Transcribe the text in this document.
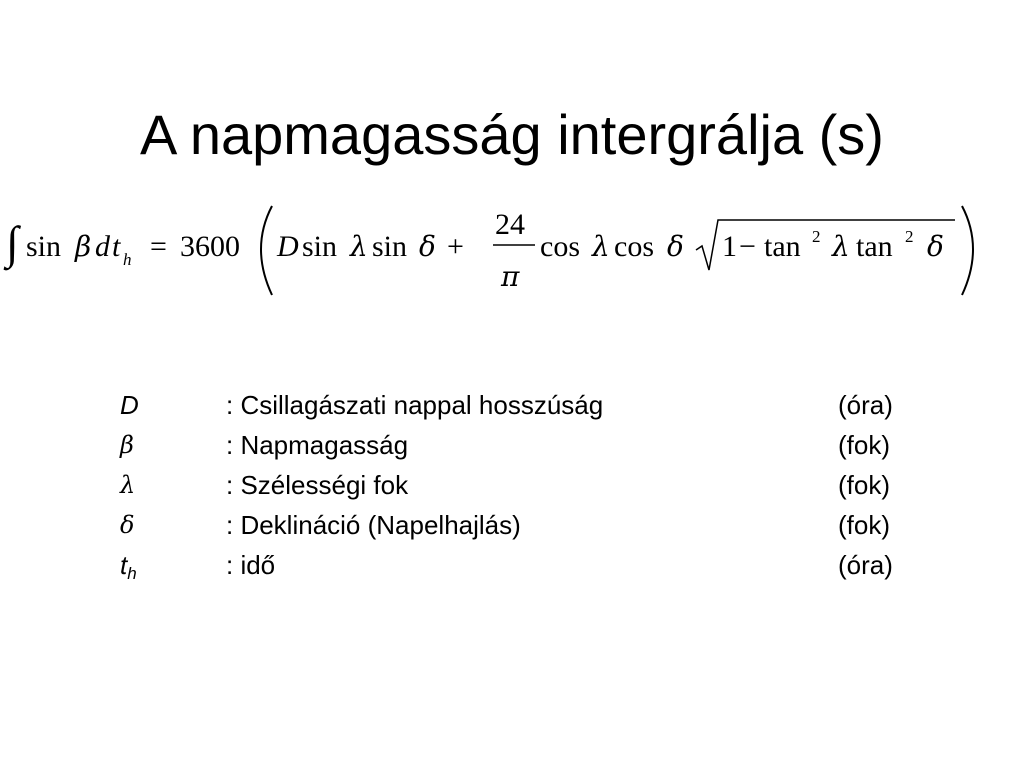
A napmagasság intergrálja (s)
∫ sin β d t h = 3600 D sin λ sin δ +
24
π
cos λ cos δ 1 − tan 2 λ tan 2 δ
D	: Csillagászati nappal hosszúság	(óra)
β	: Napmagasság	(fok)
λ	: Szélességi fok	(fok)
δ	: Deklináció (Napelhajlás)	(fok)
$t_h$	: idő	(óra)
